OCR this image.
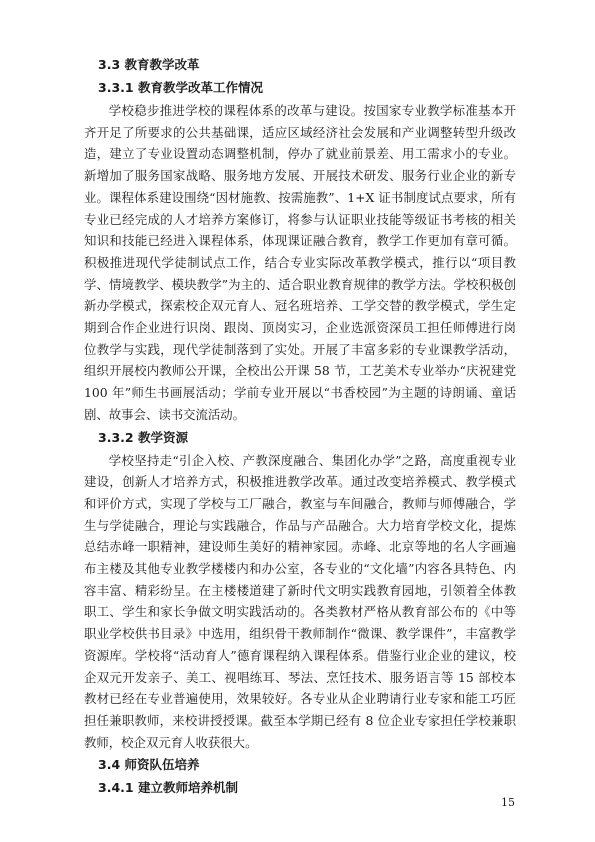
3.3 教育教学改革
3.3.1 教育教学改革工作情况

学校稳步推进学校的课程体系的改革与建设。按国家专业教学标准基本开齐开足了所要求的公共基础课，适应区域经济社会发展和产业调整转型升级改造，建立了专业设置动态调整机制，停办了就业前景差、用工需求小的专业。新增加了服务国家战略、服务地方发展、开展技术研发、服务行业企业的新专业。课程体系建设围绕“因材施教、按需施教”、1+X 证书制度试点要求，所有专业已经完成的人才培养方案修订，将参与认证职业技能等级证书考核的相关知识和技能已经进入课程体系，体现课证融合教育，教学工作更加有章可循。积极推进现代学徒制试点工作，结合专业实际改革教学模式，推行以“项目教学、情境教学、模块教学”为主的、适合职业教育规律的教学方法。学校积极创新办学模式，探索校企双元育人、冠名班培养、工学交替的教学模式，学生定期到合作企业进行识岗、跟岗、顶岗实习，企业选派资深员工担任师傅进行岗位教学与实践，现代学徒制落到了实处。开展了丰富多彩的专业课教学活动，组织开展校内教师公开课，全校出公开课 58 节，工艺美术专业举办“庆祝建党 100 年”师生书画展活动；学前专业开展以“书香校园”为主题的诗朗诵、童话剧、故事会、读书交流活动。

3.3.2 教学资源

学校坚持走“引企入校、产教深度融合、集团化办学”之路，高度重视专业建设，创新人才培养方式，积极推进教学改革。通过改变培养模式、教学模式和评价方式，实现了学校与工厂融合，教室与车间融合，教师与师傅融合，学生与学徒融合，理论与实践融合，作品与产品融合。大力培育学校文化，提炼总结赤峰一职精神，建设师生美好的精神家园。赤峰、北京等地的名人字画遍布主楼及其他专业教学楼楼内和办公室，各专业的“文化墙”内容各具特色、内容丰富、精彩纷呈。在主楼楼道建了新时代文明实践教育园地，引领着全体教职工、学生和家长争做文明实践活动的。各类教材严格从教育部公布的《中等职业学校供书目录》中选用，组织骨干教师制作“微课、教学课件”，丰富教学资源库。学校将“活动育人”德育课程纳入课程体系。借鉴行业企业的建议，校企双元开发亲子、美工、视唱练耳、琴法、烹饪技术、服务语言等 15 部校本教材已经在专业普遍使用，效果较好。各专业从企业聘请行业专家和能工巧匠担任兼职教师，来校讲授授课。截至本学期已经有 8 位企业专家担任学校兼职教师，校企双元育人收获很大。

3.4 师资队伍培养
3.4.1 建立教师培养机制
15
